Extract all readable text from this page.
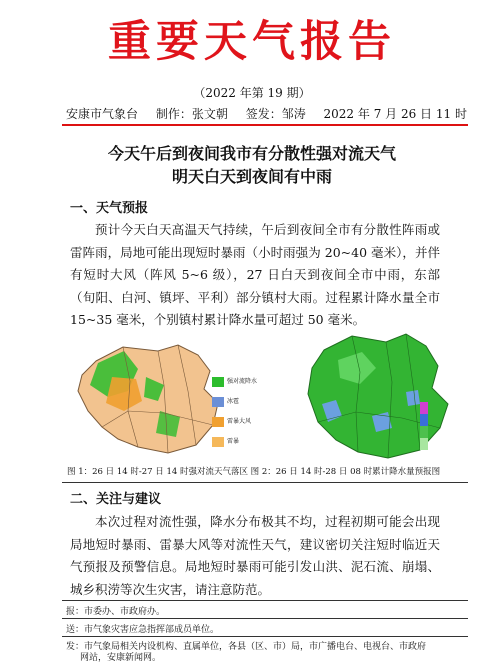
重要天气报告
（2022 年第 19 期）
安康市气象台 制作：张文朝 签发：邹涛 2022 年 7 月 26 日 11 时
今天午后到夜间我市有分散性强对流天气
明天白天到夜间有中雨
一、天气预报
预计今天白天高温天气持续，午后到夜间全市有分散性阵雨或雷阵雨，局地可能出现短时暴雨（小时雨强为 20~40 毫米），并伴有短时大风（阵风 5~6 级），27 日白天到夜间全市中雨，东部（旬阳、白河、镇坪、平利）部分镇村大雨。过程累计降水量全市 15~35 毫米，个别镇村累计降水量可超过 50 毫米。
强对流降水
冰雹
雷暴大风
雷暴
图 1：26 日 14 时-27 日 14 时强对流天气落区 图 2：26 日 14 时-28 日 08 时累计降水量预报图
二、关注与建议
本次过程对流性强，降水分布极其不均，过程初期可能会出现局地短时暴雨、雷暴大风等对流性天气，建议密切关注短时临近天气预报及预警信息。局地短时暴雨可能引发山洪、泥石流、崩塌、城乡积涝等次生灾害，请注意防范。
报：市委办、市政府办。
送：市气象灾害应急指挥部成员单位。
发：市气象局相关内设机构、直属单位，各县（区、市）局，市广播电台、电视台、市政府
网站，安康新闻网。
